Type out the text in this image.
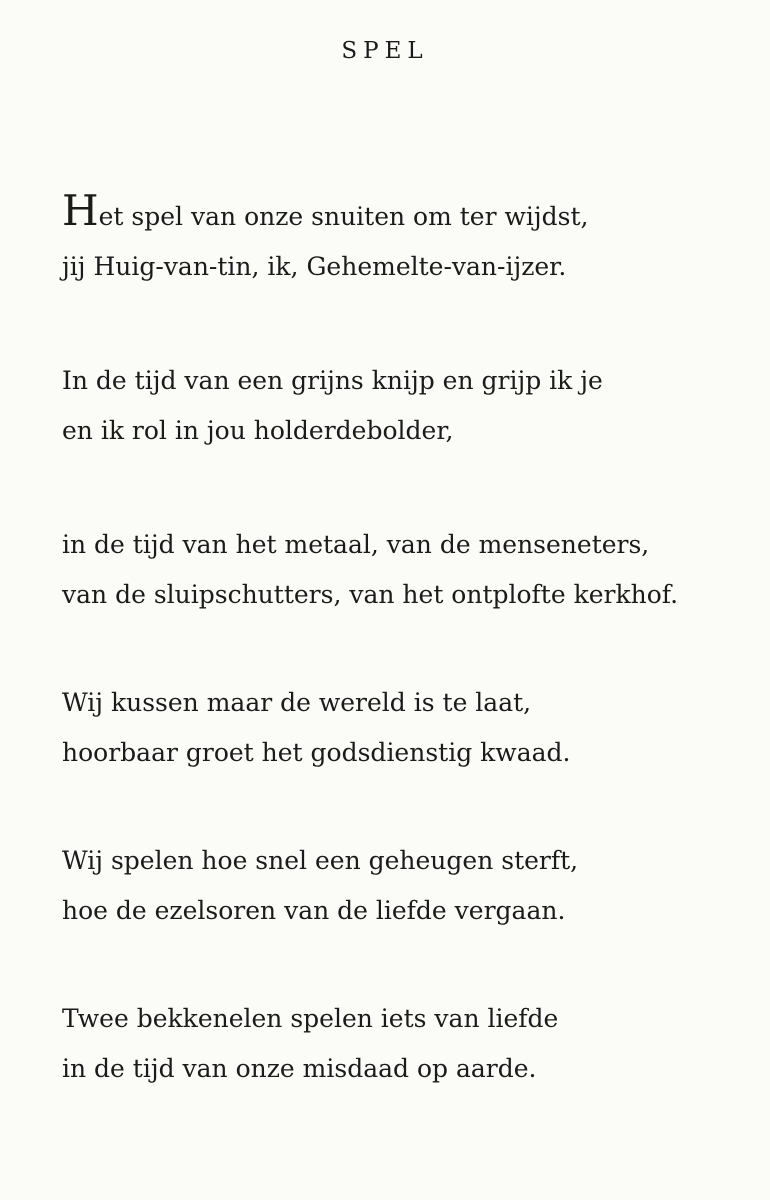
SPEL
Het spel van onze snuiten om ter wijdst,
jij Huig-van-tin, ik, Gehemelte-van-ijzer.
In de tijd van een grijns knijp en grijp ik je
en ik rol in jou holderdebolder,
in de tijd van het metaal, van de menseneters,
van de sluipschutters, van het ontplofte kerkhof.
Wij kussen maar de wereld is te laat,
hoorbaar groet het godsdienstig kwaad.
Wij spelen hoe snel een geheugen sterft,
hoe de ezelsoren van de liefde vergaan.
Twee bekkenelen spelen iets van liefde
in de tijd van onze misdaad op aarde.
